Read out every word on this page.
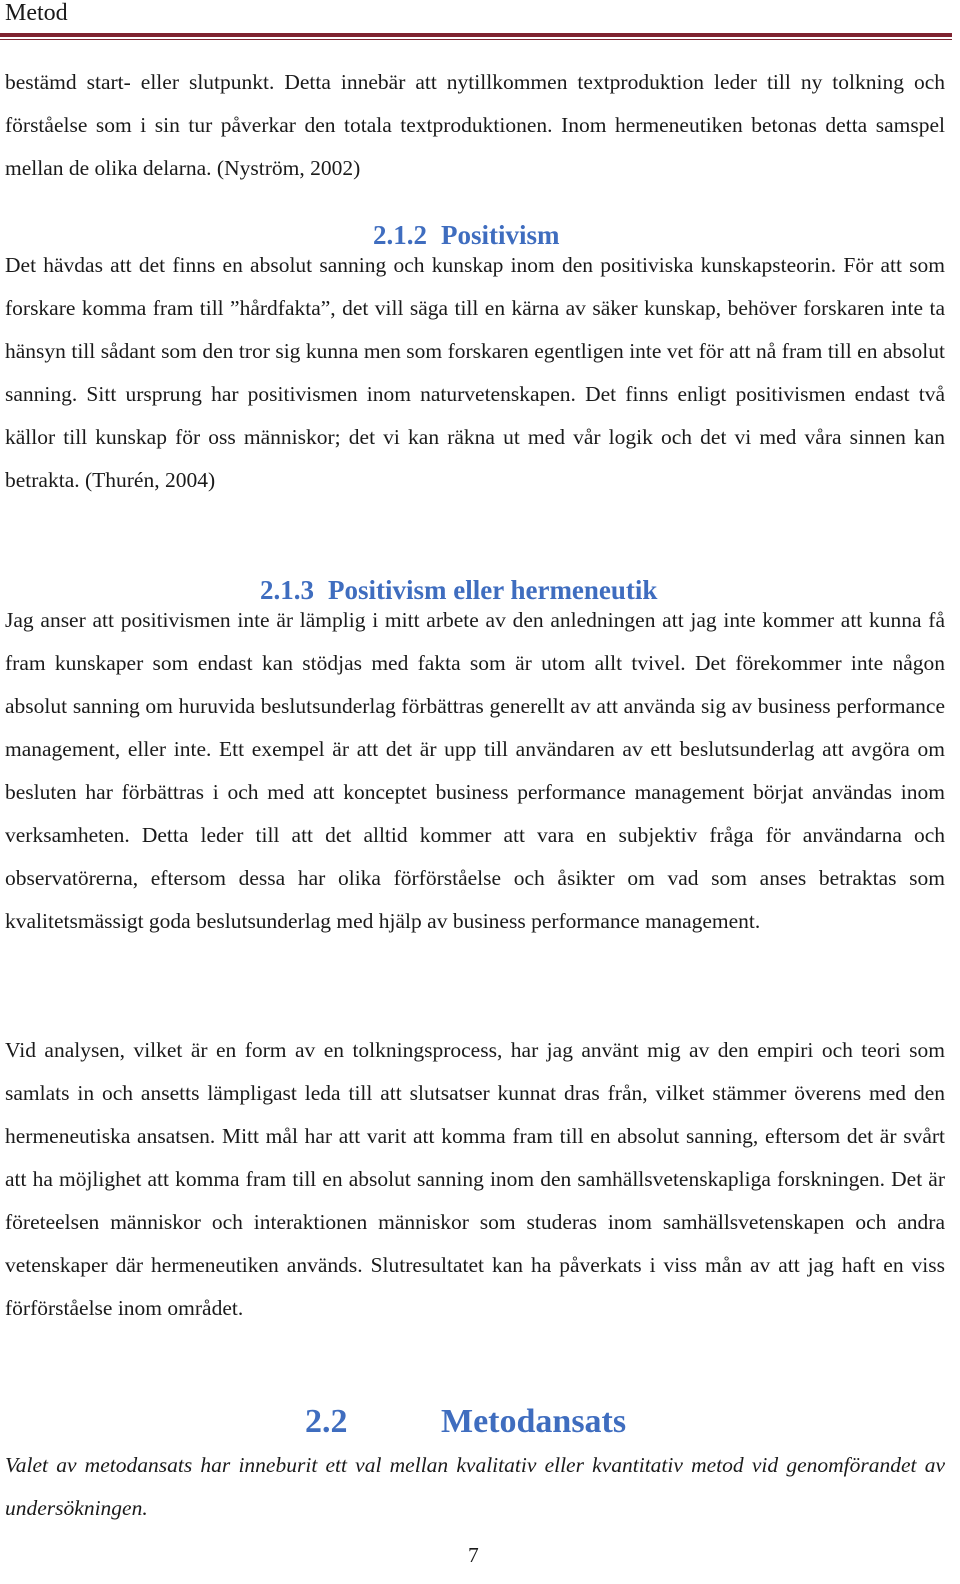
Metod

bestämd start- eller slutpunkt. Detta innebär att nytillkommen textproduktion leder till ny tolkning och förståelse som i sin tur påverkar den totala textproduktionen. Inom hermeneutiken betonas detta samspel mellan de olika delarna. (Nyström, 2002)

2.1.2 Positivism

Det hävdas att det finns en absolut sanning och kunskap inom den positiviska kunskapsteorin. För att som forskare komma fram till ”hårdfakta”, det vill säga till en kärna av säker kunskap, behöver forskaren inte ta hänsyn till sådant som den tror sig kunna men som forskaren egentligen inte vet för att nå fram till en absolut sanning. Sitt ursprung har positivismen inom naturvetenskapen. Det finns enligt positivismen endast två källor till kunskap för oss människor; det vi kan räkna ut med vår logik och det vi med våra sinnen kan betrakta. (Thurén, 2004)

2.1.3 Positivism eller hermeneutik

Jag anser att positivismen inte är lämplig i mitt arbete av den anledningen att jag inte kommer att kunna få fram kunskaper som endast kan stödjas med fakta som är utom allt tvivel. Det förekommer inte någon absolut sanning om huruvida beslutsunderlag förbättras generellt av att använda sig av business performance management, eller inte. Ett exempel är att det är upp till användaren av ett beslutsunderlag att avgöra om besluten har förbättras i och med att konceptet business performance management börjat användas inom verksamheten. Detta leder till att det alltid kommer att vara en subjektiv fråga för användarna och observatörerna, eftersom dessa har olika förförståelse och åsikter om vad som anses betraktas som kvalitetsmässigt goda beslutsunderlag med hjälp av business performance management.

Vid analysen, vilket är en form av en tolkningsprocess, har jag använt mig av den empiri och teori som samlats in och ansetts lämpligast leda till att slutsatser kunnat dras från, vilket stämmer överens med den hermeneutiska ansatsen. Mitt mål har att varit att komma fram till en absolut sanning, eftersom det är svårt att ha möjlighet att komma fram till en absolut sanning inom den samhällsvetenskapliga forskningen. Det är företeelsen människor och interaktionen människor som studeras inom samhällsvetenskapen och andra vetenskaper där hermeneutiken används. Slutresultatet kan ha påverkats i viss mån av att jag haft en viss förförståelse inom området.

2.2	Metodansats

Valet av metodansats har inneburit ett val mellan kvalitativ eller kvantitativ metod vid genomförandet av undersökningen.

7
